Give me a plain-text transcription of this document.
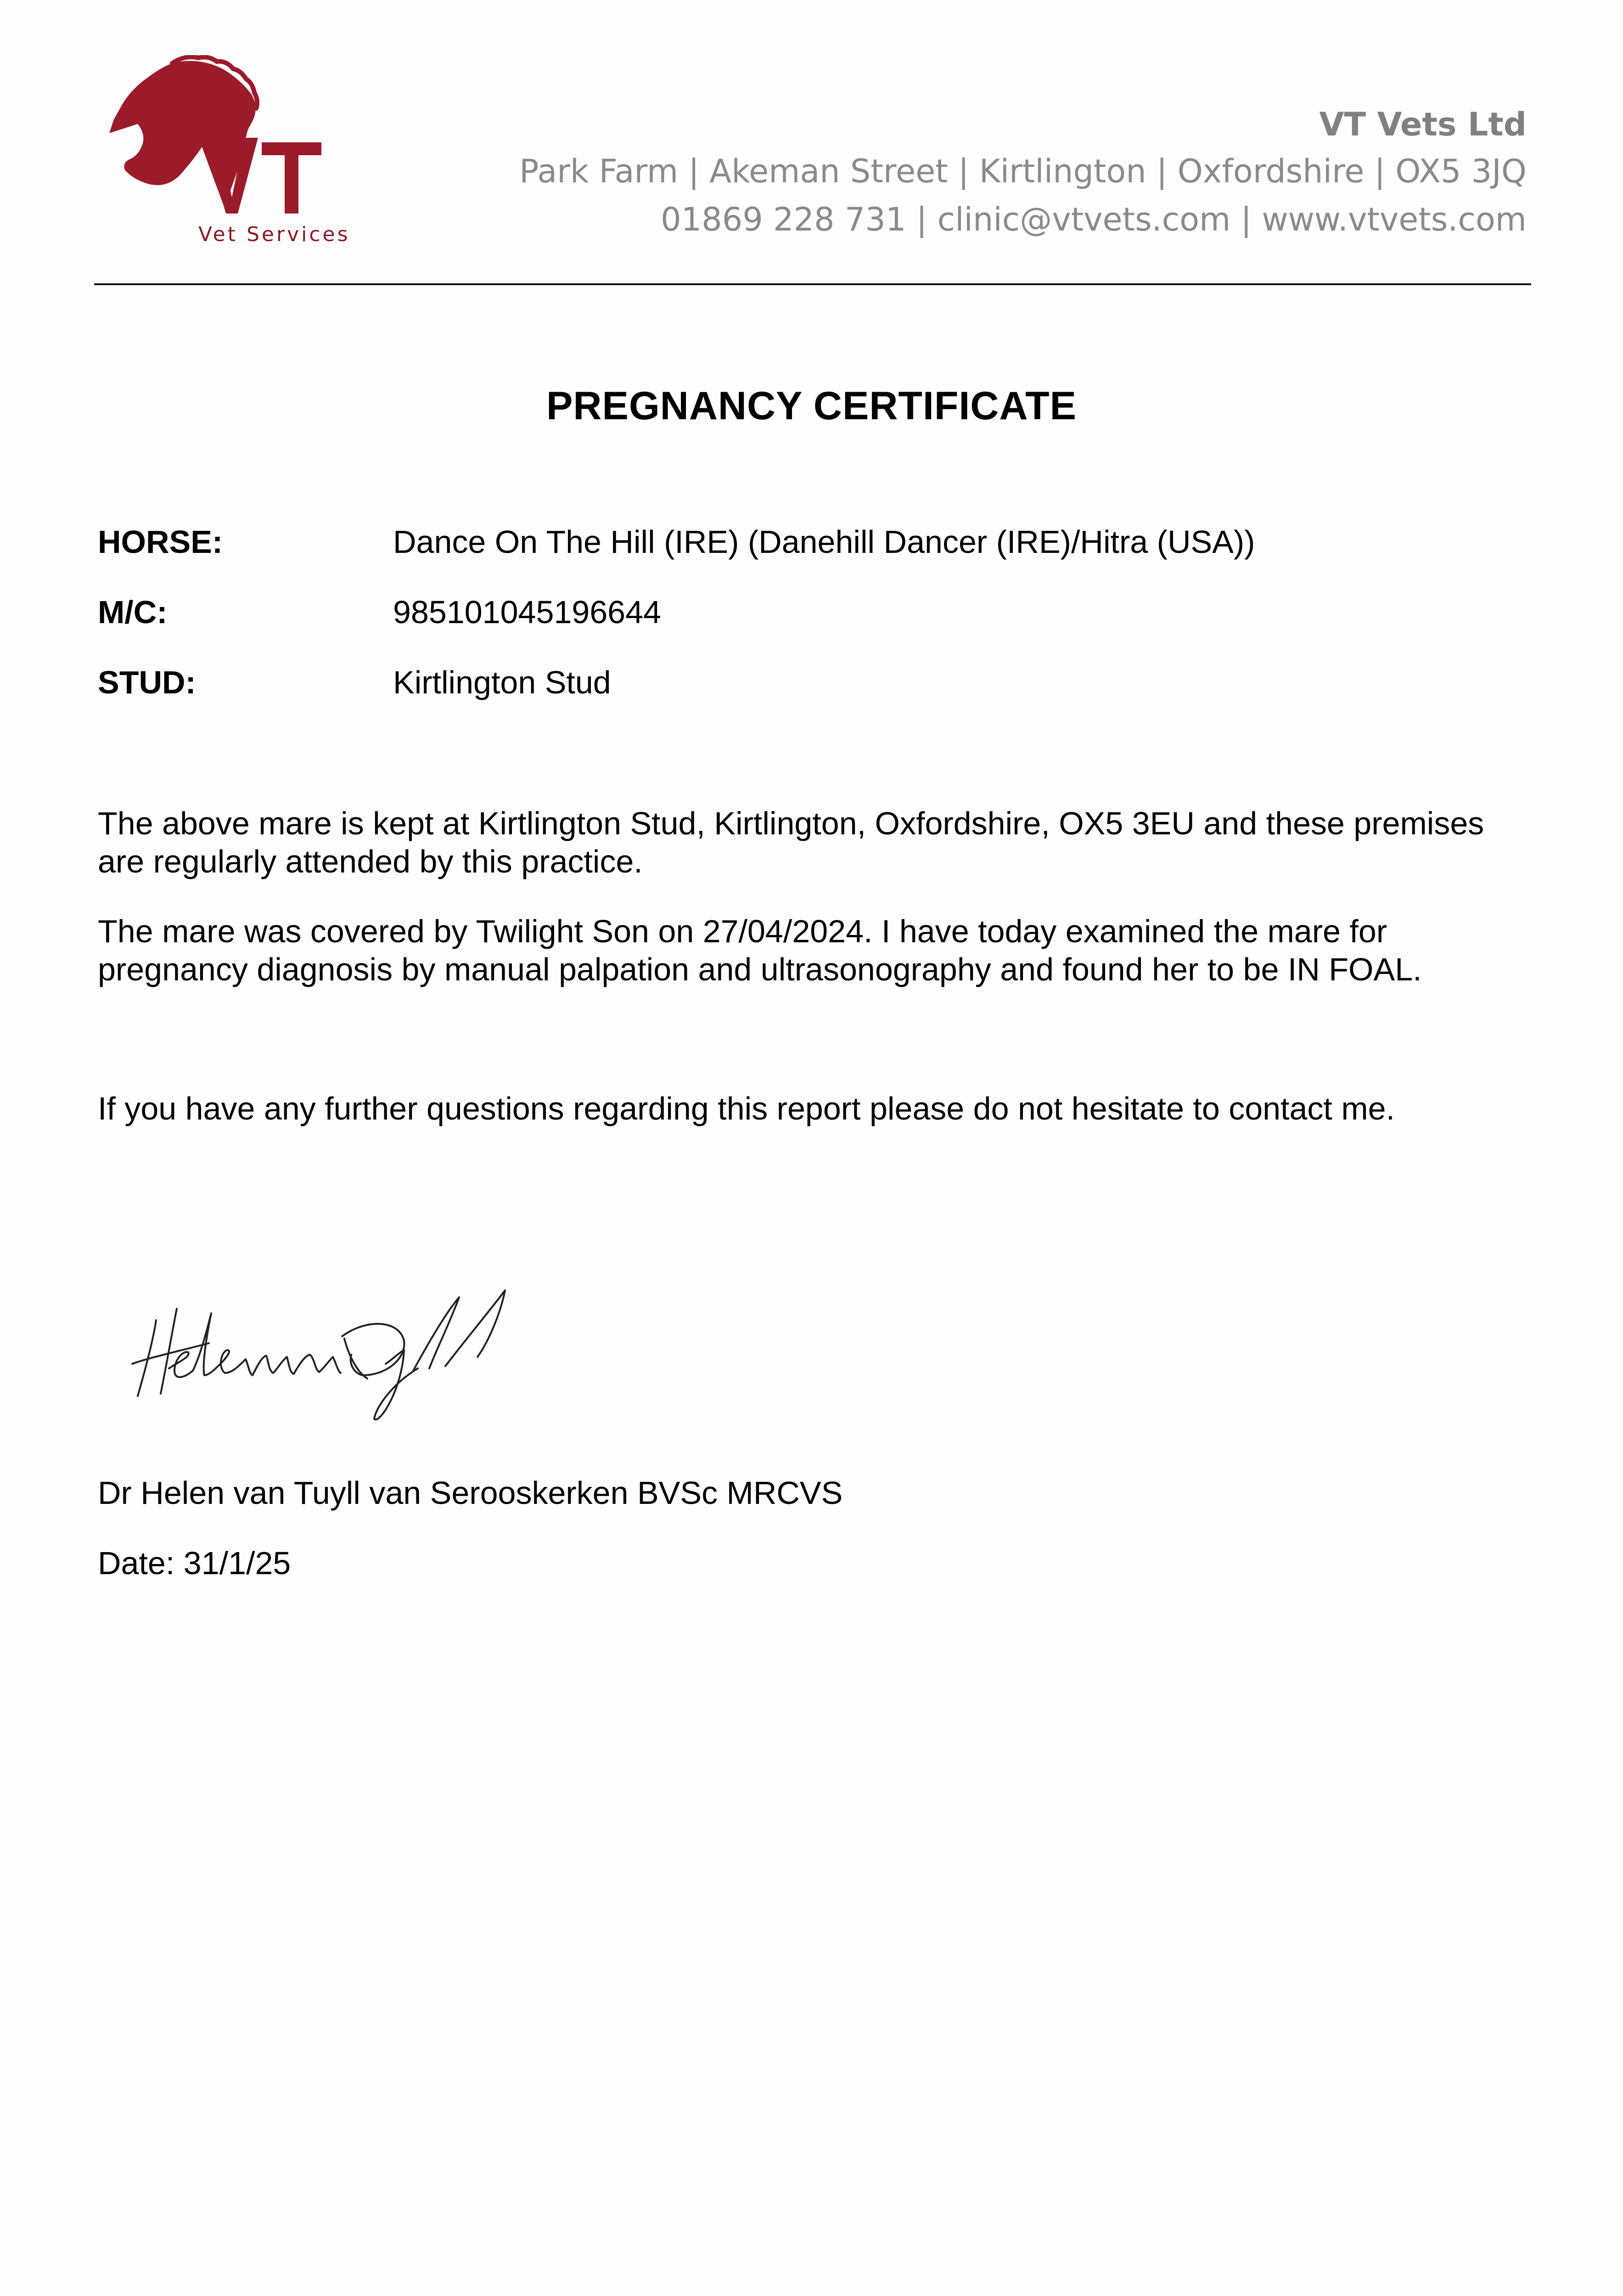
Vet Services
VT Vets Ltd
Park Farm | Akeman Street | Kirtlington | Oxfordshire | OX5 3JQ
01869 228 731 | clinic@vtvets.com | www.vtvets.com
PREGNANCY CERTIFICATE
HORSE:	Dance On The Hill (IRE) (Danehill Dancer (IRE)/Hitra (USA))
M/C:	985101045196644
STUD:	Kirtlington Stud
The above mare is kept at Kirtlington Stud, Kirtlington, Oxfordshire, OX5 3EU and these premises are regularly attended by this practice.
The mare was covered by Twilight Son on 27/04/2024. I have today examined the mare for pregnancy diagnosis by manual palpation and ultrasonography and found her to be IN FOAL.
If you have any further questions regarding this report please do not hesitate to contact me.
Dr Helen van Tuyll van Serooskerken BVSc MRCVS
Date: 31/1/25
